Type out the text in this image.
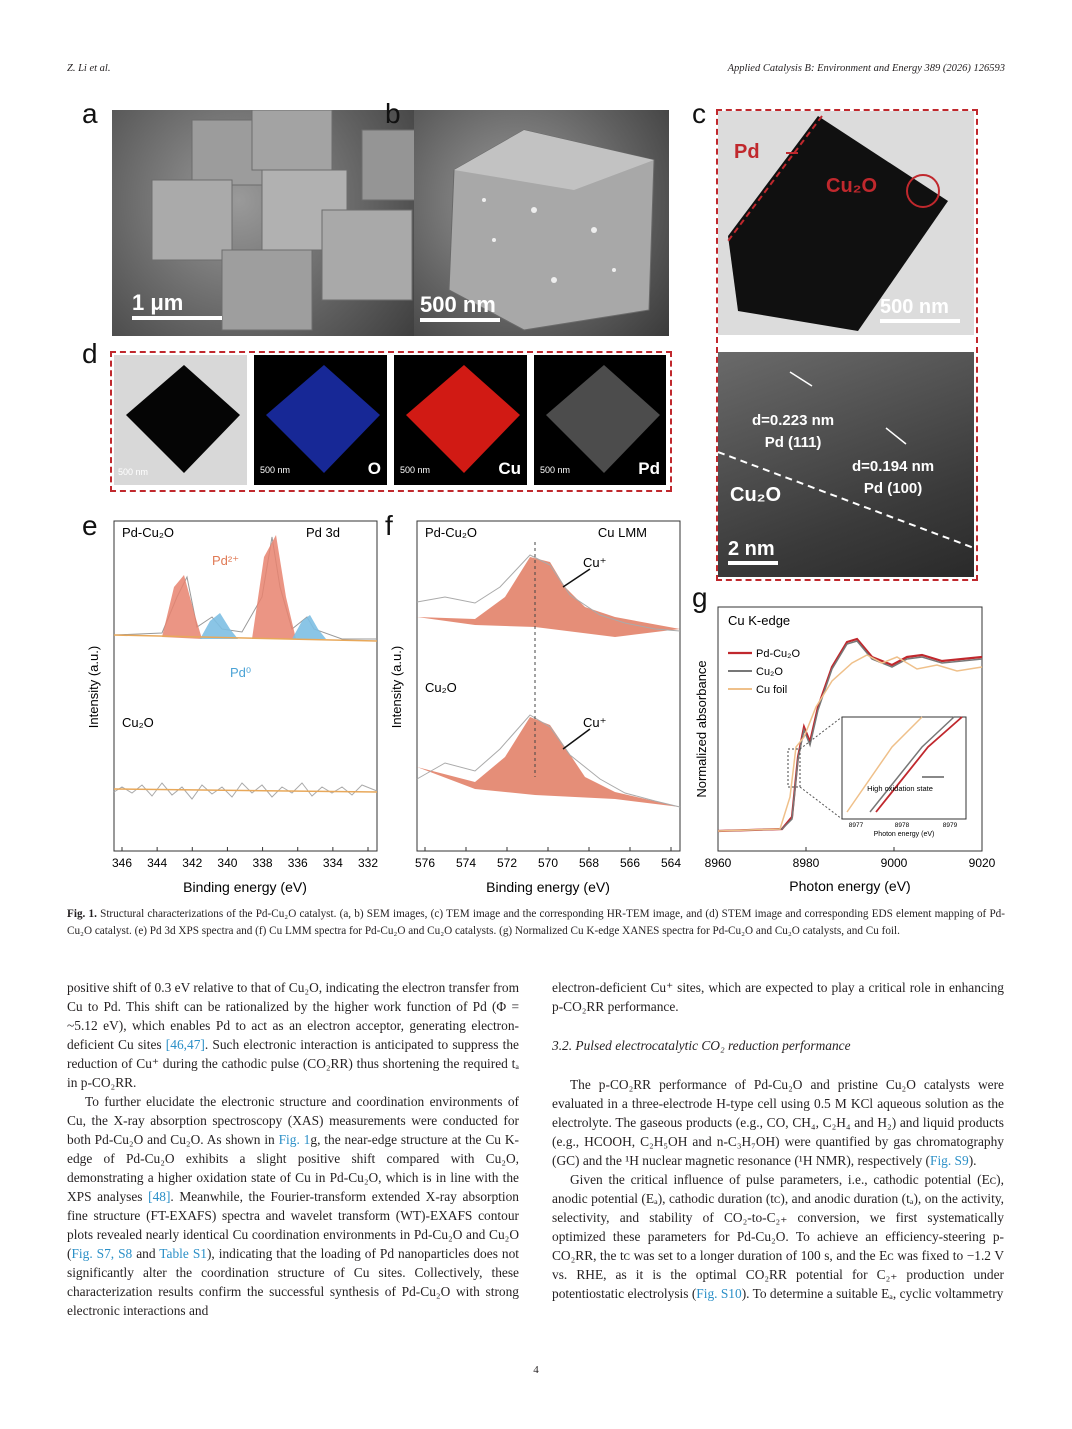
Z. Li et al.	Applied Catalysis B: Environment and Energy 389 (2026) 126593
a
1 μm
b
500 nm
c
Pd
Cu₂O
500 nm
d=0.223 nm
Pd (111)
d=0.194 nm
Pd (100)
Cu₂O
2 nm
d
500 nm	500 nm	O 500 nm	Cu 500 nm	Pd
e Pd-Cu₂O	Pd 3d
Pd²⁺
Pd⁰
Cu₂O
Intensity (a.u.)
346 344 342 340 338 336 334 332
Binding energy (eV)
f Pd-Cu₂O	Cu LMM
Cu⁺
Cu⁺
Cu₂O
Intensity (a.u.)
576 574 572 570 568 566 564
Binding energy (eV)
g
High oxidation state
8977	8978	8979
Photon energy (eV)
Cu K-edge
Pd-Cu₂O
Cu₂O
Cu foil
Normalized absorbance
8960	8980	9000	9020
Photon energy (eV)
Fig. 1. Structural characterizations of the Pd-Cu₂O catalyst. (a, b) SEM images, (c) TEM image and the corresponding HR-TEM image, and (d) STEM image and corresponding EDS element mapping of Pd-Cu₂O catalyst. (e) Pd 3d XPS spectra and (f) Cu LMM spectra for Pd-Cu₂O and Cu₂O catalysts. (g) Normalized Cu K-edge XANES spectra for Pd-Cu₂O and Cu₂O catalysts, and Cu foil.

positive shift of 0.3 eV relative to that of Cu₂O, indicating the electron transfer from Cu to Pd. This shift can be rationalized by the higher work function of Pd (Φ = ~5.12 eV), which enables Pd to act as an electron acceptor, generating electron-deficient Cu sites [46,47]. Such electronic interaction is anticipated to suppress the reduction of Cu⁺ during the cathodic pulse (CO₂RR) thus shortening the required tₐ in p-CO₂RR.

To further elucidate the electronic structure and coordination environments of Cu, the X-ray absorption spectroscopy (XAS) measurements were conducted for both Pd-Cu₂O and Cu₂O. As shown in Fig. 1g, the near-edge structure at the Cu K-edge of Pd-Cu₂O exhibits a slight positive shift compared with Cu₂O, demonstrating a higher oxidation state of Cu in Pd-Cu₂O, which is in line with the XPS analyses [48]. Meanwhile, the Fourier-transform extended X-ray absorption fine structure (FT-EXAFS) spectra and wavelet transform (WT)-EXAFS contour plots revealed nearly identical Cu coordination environments in Pd-Cu₂O and Cu₂O (Fig. S7, S8 and Table S1), indicating that the loading of Pd nanoparticles does not significantly alter the coordination structure of Cu sites. Collectively, these characterization results confirm the successful synthesis of Pd-Cu₂O with strong electronic interactions and

electron-deficient Cu⁺ sites, which are expected to play a critical role in enhancing p-CO₂RR performance.

3.2. Pulsed electrocatalytic CO₂ reduction performance

The p-CO₂RR performance of Pd-Cu₂O and pristine Cu₂O catalysts were evaluated in a three-electrode H-type cell using 0.5 M KCl aqueous solution as the electrolyte. The gaseous products (e.g., CO, CH₄, C₂H₄ and H₂) and liquid products (e.g., HCOOH, C₂H₅OH and n-C₃H₇OH) were quantified by gas chromatography (GC) and the ¹H nuclear magnetic resonance (¹H NMR), respectively (Fig. S9).

Given the critical influence of pulse parameters, i.e., cathodic potential (Eᴄ), anodic potential (Eₐ), cathodic duration (tᴄ), and anodic duration (tₐ), on the activity, selectivity, and stability of CO₂-to-C₂₊ conversion, we first systematically optimized these parameters for Pd-Cu₂O. To achieve an efficiency-steering p-CO₂RR, the tᴄ was set to a longer duration of 100 s, and the Eᴄ was fixed to −1.2 V vs. RHE, as it is the optimal CO₂RR potential for C₂₊ production under potentiostatic electrolysis (Fig. S10). To determine a suitable Eₐ, cyclic voltammetry

4
